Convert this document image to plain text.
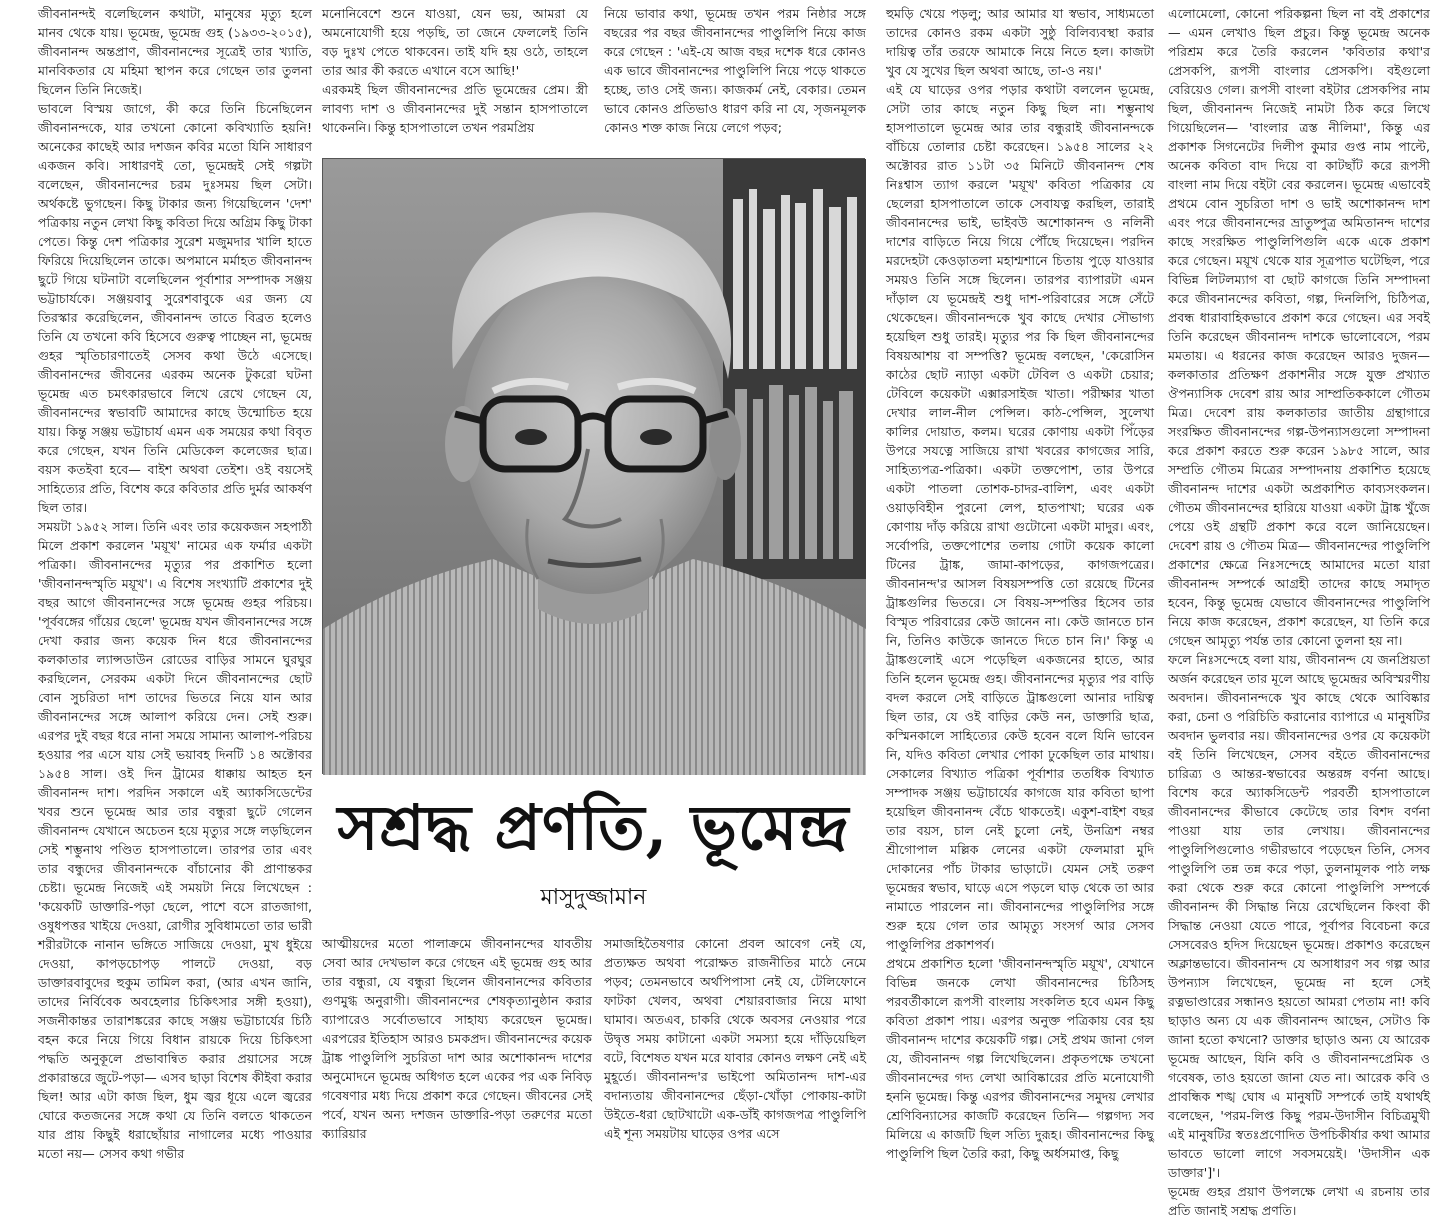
জীবনানন্দই বলেছিলেন কথাটা, মানুষের মৃত্যু হলে মানব থেকে যায়। ভূমেন্দ্র, ভূমেন্দ্র গুহ (১৯৩৩-২০১৫), জীবনানন্দ অন্তপ্রাণ, জীবনানন্দের সূত্রেই তার খ্যাতি, মানবিকতার যে মহিমা স্থাপন করে গেছেন তার তুলনা ছিলেন তিনি নিজেই।

ভাবলে বিস্ময় জাগে, কী করে তিনি চিনেছিলেন জীবনানন্দকে, যার তখনো কোনো কবিখ্যাতি হয়নি! অনেকের কাছেই আর দশজন কবির মতো যিনি সাধারণ একজন কবি। সাধারণই তো, ভূমেন্দ্রই সেই গল্পটা বলেছেন, জীবনানন্দের চরম দুঃসময় ছিল সেটা। অর্থকষ্টে ভুগছেন। কিছু টাকার জন্য গিয়েছিলেন 'দেশ' পত্রিকায় নতুন লেখা কিছু কবিতা দিয়ে অগ্রিম কিছু টাকা পেতে। কিন্তু দেশ পত্রিকার সুরেশ মজুমদার খালি হাতে ফিরিয়ে দিয়েছিলেন তাকে। অপমানে মর্মাহত জীবনানন্দ ছুটে গিয়ে ঘটনাটা বলেছিলেন পূর্বাশার সম্পাদক সঞ্জয় ভট্টাচার্যকে। সঞ্জয়বাবু সুরেশবাবুকে এর জন্য যে তিরস্কার করেছিলেন, জীবনানন্দ তাতে বিব্রত হলেও তিনি যে তখনো কবি হিসেবে গুরুত্ব পাচ্ছেন না, ভূমেন্দ্র গুহর স্মৃতিচারণাতেই সেসব কথা উঠে এসেছে। জীবনানন্দের জীবনের এরকম অনেক টুকরো ঘটনা ভূমেন্দ্র এত চমৎকারভাবে লিখে রেখে গেছেন যে, জীবনানন্দের স্বভাবটি আমাদের কাছে উন্মোচিত হয়ে যায়। কিন্তু সঞ্জয় ভট্টাচার্য এমন এক সময়ের কথা বিবৃত করে গেছেন, যখন তিনি মেডিকেল কলেজের ছাত্র। বয়স কতইবা হবে— বাইশ অথবা তেইশ। ওই বয়সেই সাহিত্যের প্রতি, বিশেষ করে কবিতার প্রতি দুর্মর আকর্ষণ ছিল তার।

সময়টা ১৯৫২ সাল। তিনি এবং তার কয়েকজন সহপাঠী মিলে প্রকাশ করলেন 'ময়ূখ' নামের এক ফর্মার একটা পত্রিকা। জীবনানন্দের মৃত্যুর পর প্রকাশিত হলো 'জীবনানন্দস্মৃতি ময়ূখ'। এ বিশেষ সংখ্যাটি প্রকাশের দুই বছর আগে জীবনানন্দের সঙ্গে ভূমেন্দ্র গুহর পরিচয়। 'পূর্ববঙ্গের গাঁয়ের ছেলে' ভূমেন্দ্র যখন জীবনানন্দের সঙ্গে দেখা করার জন্য কয়েক দিন ধরে জীবনানন্দের কলকাতার ল্যান্সডাউন রোডের বাড়ির সামনে ঘুরঘুর করছিলেন, সেরকম একটা দিনে জীবনানন্দের ছোট বোন সুচরিতা দাশ তাদের ভিতরে নিয়ে যান আর জীবনানন্দের সঙ্গে আলাপ করিয়ে দেন। সেই শুরু। এরপর দুই বছর ধরে নানা সময়ে সামান্য আলাপ-পরিচয় হওয়ার পর এসে যায় সেই ভয়াবহ দিনটি ১৪ অক্টোবর ১৯৫৪ সাল। ওই দিন ট্রামের ধাক্কায় আহত হন জীবনানন্দ দাশ। পরদিন সকালে এই অ্যাকসিডেন্টের খবর শুনে ভূমেন্দ্র আর তার বন্ধুরা ছুটে গেলেন জীবনানন্দ যেখানে অচেতন হয়ে মৃত্যুর সঙ্গে লড়ছিলেন সেই শম্ভুনাথ পণ্ডিত হাসপাতালে। তারপর তার এবং তার বন্ধুদের জীবনানন্দকে বাঁচানোর কী প্রাণান্তকর চেষ্টা। ভূমেন্দ্র নিজেই এই সময়টা নিয়ে লিখেছেন : 'কয়েকটি ডাক্তারি-পড়া ছেলে, পাশে বসে রাতজাগা, ওষুধপত্তর খাইয়ে দেওয়া, রোগীর সুবিধামতো তার ভারী শরীরটাকে নানান ভঙ্গিতে সাজিয়ে দেওয়া, মুখ ধুইয়ে দেওয়া, কাপড়চোপড় পালটে দেওয়া, বড় ডাক্তারবাবুদের হুকুম তামিল করা, (আর এখন জানি, তাদের নির্বিবেক অবহেলার চিকিৎসার সঙ্গী হওয়া), সজনীকান্তর তারাশঙ্করের কাছে সঞ্জয় ভট্টাচার্যের চিঠি বহন করে নিয়ে গিয়ে বিধান রায়কে দিয়ে চিকিৎসা পদ্ধতি অনুকূলে প্রভাবান্বিত করার প্রয়াসের সঙ্গে প্রকারান্তরে জুটে-পড়া— এসব ছাড়া বিশেষ কীইবা করার ছিল! আর এটা কাজ ছিল, ধুম জ্বর ধূয়ে এলে জ্বরের ঘোরে কতজনের সঙ্গে কথা যে তিনি বলতে থাকতেন যার প্রায় কিছুই ধরাছোঁয়ার নাগালের মধ্যে পাওয়ার মতো নয়— সেসব কথা গভীর

মনোনিবেশে শুনে যাওয়া, যেন ভয়, আমরা যে অমনোযোগী হয়ে পড়ছি, তা জেনে ফেললেই তিনি বড় দুঃখ পেতে থাকবেন। তাই যদি হয় ওঠে, তাহলে তার আর কী করতে এখানে বসে আছি!'

এরকমই ছিল জীবনানন্দের প্রতি ভূমেন্দ্রের প্রেম। স্ত্রী লাবণ্য দাশ ও জীবনানন্দের দুই সন্তান হাসপাতালে থাকেননি। কিন্তু হাসপাতালে তখন পরমপ্রিয়

নিয়ে ভাবার কথা, ভূমেন্দ্র তখন পরম নিষ্ঠার সঙ্গে বছরের পর বছর জীবনানন্দের পাণ্ডুলিপি নিয়ে কাজ করে গেছেন : 'এই-যে আজ বছর দশেক ধরে কোনও এক ভাবে জীবনানন্দের পাণ্ডুলিপি নিয়ে পড়ে থাকতে হচ্ছে, তাও সেই জন্য। কাজকর্ম নেই, বেকার। তেমন ভাবে কোনও প্রতিভাও ধারণ করি না যে, সৃজনমূলক কোনও শক্ত কাজ নিয়ে লেগে পড়ব;

সশ্রদ্ধ প্রণতি, ভূমেন্দ্র
মাসুদুজ্জামান

আত্মীয়দের মতো পালাক্রমে জীবনানন্দের যাবতীয় সেবা আর দেখভাল করে গেছেন এই ভূমেন্দ্র গুহ আর তার বন্ধুরা, যে বন্ধুরা ছিলেন জীবনানন্দের কবিতার গুণমুগ্ধ অনুরাগী। জীবনানন্দের শেষকৃত্যানুষ্ঠান করার ব্যাপারেও সর্বোতভাবে সাহায্য করেছেন ভূমেন্দ্র। এরপরের ইতিহাস আরও চমকপ্রদ। জীবনানন্দের কয়েক ট্রাঙ্ক পাণ্ডুলিপি সুচরিতা দাশ আর অশোকানন্দ দাশের অনুমোদনে ভূমেন্দ্র অধিগত হলে একের পর এক নিবিড় গবেষণার মধ্য দিয়ে প্রকাশ করে গেছেন। জীবনের সেই পর্বে, যখন অন্য দশজন ডাক্তারি-পড়া তরুণের মতো ক্যারিয়ার

সমাজহিতৈষণার কোনো প্রবল আবেগ নেই যে, প্রত্যক্ষত অথবা পরোক্ষত রাজনীতির মাঠে নেমে পড়ব; তেমনভাবে অর্থপিপাসা নেই যে, টেলিফোনে ফাটকা খেলব, অথবা শেয়ারবাজার নিয়ে মাথা ঘামাব। অতএব, চাকরি থেকে অবসর নেওয়ার পরে উদ্বৃত্ত সময় কাটানো একটা সমস্যা হয়ে দাঁড়িয়েছিল বটে, বিশেষত যখন মরে যাবার কোনও লক্ষণ নেই এই মুহূর্তে। জীবনানন্দ'র ভাইপো অমিতানন্দ দাশ-এর বদান্যতায় জীবনানন্দের ছেঁড়া-খোঁড়া পোকায়-কাটা উইতে-ধরা ছোটখাটো এক-ডাঁই কাগজপত্র পাণ্ডুলিপি এই শূন্য সময়টায় ঘাড়ের ওপর এসে

হুমড়ি খেয়ে পড়লু; আর আমার যা স্বভাব, সাধ্যমতো তাদের কোনও রকম একটা সুষ্ঠু বিলিব্যবস্থা করার দায়িত্ব তাঁর তরফে আমাকে নিয়ে নিতে হল। কাজটা খুব যে সুখের ছিল অথবা আছে, তা-ও নয়।'

এই যে ঘাড়ের ওপর পড়ার কথাটা বললেন ভূমেন্দ্র, সেটা তার কাছে নতুন কিছু ছিল না। শম্ভুনাথ হাসপাতালে ভূমেন্দ্র আর তার বন্ধুরাই জীবনানন্দকে বাঁচিয়ে তোলার চেষ্টা করেছেন। ১৯৫৪ সালের ২২ অক্টোবর রাত ১১টা ৩৫ মিনিটে জীবনানন্দ শেষ নিঃশ্বাস ত্যাগ করলে 'ময়ূখ' কবিতা পত্রিকার যে ছেলেরা হাসপাতালে তাকে সেবাযত্ন করছিল, তারাই জীবনানন্দের ভাই, ভাইবউ অশোকানন্দ ও নলিনী দাশের বাড়িতে নিয়ে গিয়ে পৌঁছে দিয়েছেন। পরদিন মরদেহটা কেওড়াতলা মহাশ্মশানে চিতায় পুড়ে যাওয়ার সময়ও তিনি সঙ্গে ছিলেন। তারপর ব্যাপারটা এমন দাঁড়াল যে ভূমেন্দ্রই শুধু দাশ-পরিবারের সঙ্গে সেঁটে থেকেছেন। জীবনানন্দকে খুব কাছে দেখার সৌভাগ্য হয়েছিল শুধু তারই। মৃত্যুর পর কি ছিল জীবনানন্দের বিষয়আশয় বা সম্পত্তি? ভূমেন্দ্র বলছেন, 'কেরোসিন কাঠের ছোট ন্যাড়া একটা টেবিল ও একটা চেয়ার; টেবিলে কয়েকটা এক্সারসাইজ খাতা। পরীক্ষার খাতা দেখার লাল-নীল পেন্সিল। কাঠ-পেন্সিল, সুলেখা কালির দোয়াত, কলম। ঘরের কোণায় একটা পিঁড়ের উপরে সযত্নে সাজিয়ে রাখা খবরের কাগজের সারি, সাহিত্যপত্র-পত্রিকা। একটা তক্তপোশ, তার উপরে একটা পাতলা তোশক-চাদর-বালিশ, এবং একটা ওয়াড়বিহীন পুরনো লেপ, হাতপাখা; ঘরের এক কোণায় দাঁড় করিয়ে রাখা গুটোনো একটা মাদুর। এবং, সর্বোপরি, তক্তপোশের তলায় গোটা কয়েক কালো টিনের ট্রাঙ্ক, জামা-কাপড়ের, কাগজপত্রের। জীবনানন্দ'র আসল বিষয়সম্পত্তি তো রয়েছে টিনের ট্রাঙ্কগুলির ভিতরে। সে বিষয়-সম্পত্তির হিসেব তার বিস্মৃত পরিবারের কেউ জানেন না। কেউ জানতে চান নি, তিনিও কাউকে জানতে দিতে চান নি।' কিন্তু এ ট্রাঙ্কগুলোই এসে পড়েছিল একজনের হাতে, আর তিনি হলেন ভূমেন্দ্র গুহ। জীবনানন্দের মৃত্যুর পর বাড়ি বদল করলে সেই বাড়িতে ট্রাঙ্কগুলো আনার দায়িত্ব ছিল তার, যে ওই বাড়ির কেউ নন, ডাক্তারি ছাত্র, কস্মিনকালে সাহিত্যের কেউ হবেন বলে যিনি ভাবেন নি, যদিও কবিতা লেখার পোকা ঢুকেছিল তার মাথায়। সেকালের বিখ্যাত পত্রিকা পূর্বাশার ততধিক বিখ্যাত সম্পাদক সঞ্জয় ভট্টাচার্যের কাগজে যার কবিতা ছাপা হয়েছিল জীবনানন্দ বেঁচে থাকতেই। একুশ-বাইশ বছর তার বয়স, চাল নেই চুলো নেই, উনত্রিশ নম্বর শ্রীগোপাল মল্লিক লেনের একটা ফেলমারা মুদি দোকানের পাঁচ টাকার ভাড়াটে। যেমন সেই তরুণ ভূমেন্দ্রর স্বভাব, ঘাড়ে এসে পড়লে ঘাড় থেকে তা আর নামাতে পারলেন না। জীবনানন্দের পাণ্ডুলিপির সঙ্গে শুরু হয়ে গেল তার আমৃত্যু সংসর্গ আর সেসব পাণ্ডুলিপির প্রকাশপর্ব।

প্রথমে প্রকাশিত হলো 'জীবনানন্দস্মৃতি ময়ূখ', যেখানে বিভিন্ন জনকে লেখা জীবনানন্দের চিঠিসহ পরবর্তীকালে রূপসী বাংলায় সংকলিত হবে এমন কিছু কবিতা প্রকাশ পায়। এরপর অনুক্ত পত্রিকায় বের হয় জীবনানন্দ দাশের কয়েকটি গল্প। সেই প্রথম জানা গেল যে, জীবনানন্দ গল্প লিখেছিলেন। প্রকৃতপক্ষে তখনো জীবনানন্দের গদ্য লেখা আবিষ্কারের প্রতি মনোযোগী হননি ভূমেন্দ্র। কিন্তু এরপর জীবনানন্দের সমুদয় লেখার শ্রেণিবিন্যাসের কাজটি করেছেন তিনি— গল্পগদ্য সব মিলিয়ে এ কাজটি ছিল সত্যি দুরূহ। জীবনানন্দের কিছু পাণ্ডুলিপি ছিল তৈরি করা, কিছু অর্ধসমাপ্ত, কিছু

এলোমেলো, কোনো পরিকল্পনা ছিল না বই প্রকাশের— এমন লেখাও ছিল প্রচুর। কিন্তু ভূমেন্দ্র অনেক পরিশ্রম করে তৈরি করলেন 'কবিতার কথা'র প্রেসকপি, রূপসী বাংলার প্রেসকপি। বইগুলো বেরিয়েও গেল। রূপসী বাংলা বইটার প্রেসকপির নাম ছিল, জীবনানন্দ নিজেই নামটা ঠিক করে লিখে গিয়েছিলেন— 'বাংলার ত্রস্ত নীলিমা', কিন্তু এর প্রকাশক সিগনেটের দিলীপ কুমার গুপ্ত নাম পাল্টে, অনেক কবিতা বাদ দিয়ে বা কাটছাঁট করে রূপসী বাংলা নাম দিয়ে বইটা বের করলেন। ভূমেন্দ্র এভাবেই প্রথমে বোন সুচরিতা দাশ ও ভাই অশোকানন্দ দাশ এবং পরে জীবনানন্দের ভ্রাতুষ্পুত্র অমিতানন্দ দাশের কাছে সংরক্ষিত পাণ্ডুলিপিগুলি একে একে প্রকাশ করে গেছেন। ময়ূখ থেকে যার সূত্রপাত ঘটেছিল, পরে বিভিন্ন লিটলম্যাগ বা ছোট কাগজে তিনি সম্পাদনা করে জীবনানন্দের কবিতা, গল্প, দিনলিপি, চিঠিপত্র, প্রবন্ধ ধারাবাহিকভাবে প্রকাশ করে গেছেন। এর সবই তিনি করেছেন জীবনানন্দ দাশকে ভালোবেসে, পরম মমতায়। এ ধরনের কাজ করেছেন আরও দুজন— কলকাতার প্রতিক্ষণ প্রকাশনীর সঙ্গে যুক্ত প্রখ্যাত ঔপন্যাসিক দেবেশ রায় আর সাম্প্রতিককালে গৌতম মিত্র। দেবেশ রায় কলকাতার জাতীয় গ্রন্থাগারে সংরক্ষিত জীবনানন্দের গল্প-উপন্যাসগুলো সম্পাদনা করে প্রকাশ করতে শুরু করেন ১৯৮৫ সালে, আর সম্প্রতি গৌতম মিত্রের সম্পাদনায় প্রকাশিত হয়েছে জীবনানন্দ দাশের একটা অপ্রকাশিত কাব্যসংকলন। গৌতম জীবনানন্দের হারিয়ে যাওয়া একটা ট্রাঙ্ক খুঁজে পেয়ে ওই গ্রন্থটি প্রকাশ করে বলে জানিয়েছেন। দেবেশ রায় ও গৌতম মিত্র— জীবনানন্দের পাণ্ডুলিপি প্রকাশের ক্ষেত্রে নিঃসন্দেহে আমাদের মতো যারা জীবনানন্দ সম্পর্কে আগ্রহী তাদের কাছে সমাদৃত হবেন, কিন্তু ভূমেন্দ্র যেভাবে জীবনানন্দের পাণ্ডুলিপি নিয়ে কাজ করেছেন, প্রকাশ করেছেন, যা তিনি করে গেছেন আমৃত্যু পর্যন্ত তার কোনো তুলনা হয় না।

ফলে নিঃসন্দেহে বলা যায়, জীবনানন্দ যে জনপ্রিয়তা অর্জন করেছেন তার মূলে আছে ভূমেন্দ্রর অবিস্মরণীয় অবদান। জীবনানন্দকে খুব কাছে থেকে আবিষ্কার করা, চেনা ও পরিচিতি করানোর ব্যাপারে এ মানুষটির অবদান ভুলবার নয়। জীবনানন্দের ওপর যে কয়েকটা বই তিনি লিখেছেন, সেসব বইতে জীবনানন্দের চারিত্র্য ও আন্তর-স্বভাবের অন্তরঙ্গ বর্ণনা আছে। বিশেষ করে অ্যাকসিডেন্ট পরবর্তী হাসপাতালে জীবনানন্দের কীভাবে কেটেছে তার বিশদ বর্ণনা পাওয়া যায় তার লেখায়। জীবনানন্দের পাণ্ডুলিপিগুলোও গভীরভাবে পড়েছেন তিনি, সেসব পাণ্ডুলিপি তন্ন তন্ন করে পড়া, তুলনামূলক পাঠ লক্ষ করা থেকে শুরু করে কোনো পাণ্ডুলিপি সম্পর্কে জীবনানন্দ কী সিদ্ধান্ত নিয়ে রেখেছিলেন কিংবা কী সিদ্ধান্ত নেওয়া যেতে পারে, পূর্বাপর বিবেচনা করে সেসবেরও হদিস দিয়েছেন ভূমেন্দ্র। প্রকাশও করেছেন অক্লান্তভাবে। জীবনানন্দ যে অসাধারণ সব গল্প আর উপন্যাস লিখেছেন, ভূমেন্দ্র না হলে সেই রত্নভাণ্ডারের সন্ধানও হয়তো আমরা পেতাম না! কবি ছাড়াও অন্য যে এক জীবনানন্দ আছেন, সেটাও কি জানা হতো কখনো? ডাক্তার ছাড়াও অন্য যে আরেক ভূমেন্দ্র আছেন, যিনি কবি ও জীবনানন্দপ্রেমিক ও গবেষক, তাও হয়তো জানা যেত না। আরেক কবি ও প্রাবন্ধিক শঙ্খ ঘোষ এ মানুষটি সম্পর্কে তাই যথার্থই বলেছেন, 'পরম-লিপ্ত কিছু পরম-উদাসীন বিচিত্রমুখী এই মানুষটির স্বতঃপ্রণোদিত উপচিকীর্ষার কথা আমার ভাবতে ভালো লাগে সবসময়েই। 'উদাসীন এক ডাক্তার']'।

ভূমেন্দ্র গুহর প্রয়াণ উপলক্ষে লেখা এ রচনায় তার প্রতি জানাই সশ্রদ্ধ প্রণতি।
